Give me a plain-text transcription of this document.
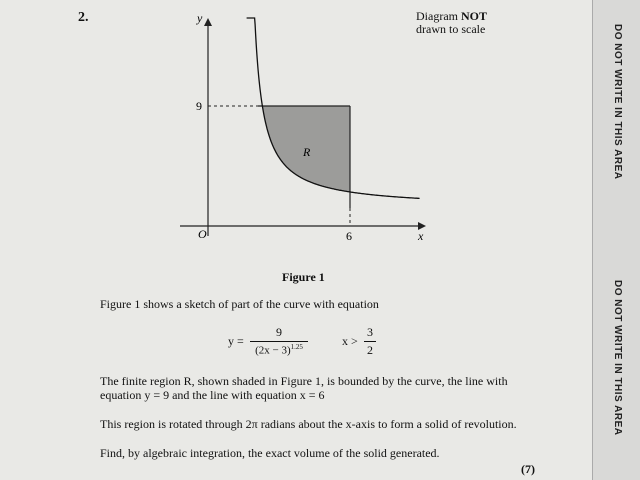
2.	Diagram NOT
drawn to scale
y
x
O
9
6
R
Figure 1
Figure 1 shows a sketch of part of the curve with equation
y =
9
$(2x - 3)^{1.25}$	x >
3
2
The finite region R, shown shaded in Figure 1, is bounded by the curve, the line with
equation y = 9 and the line with equation x = 6
This region is rotated through 2π radians about the x-axis to form a solid of revolution.
Find, by algebraic integration, the exact volume of the solid generated.
(7)
DO NOT WRITE IN THIS AREA
DO NOT WRITE IN THIS AREA
